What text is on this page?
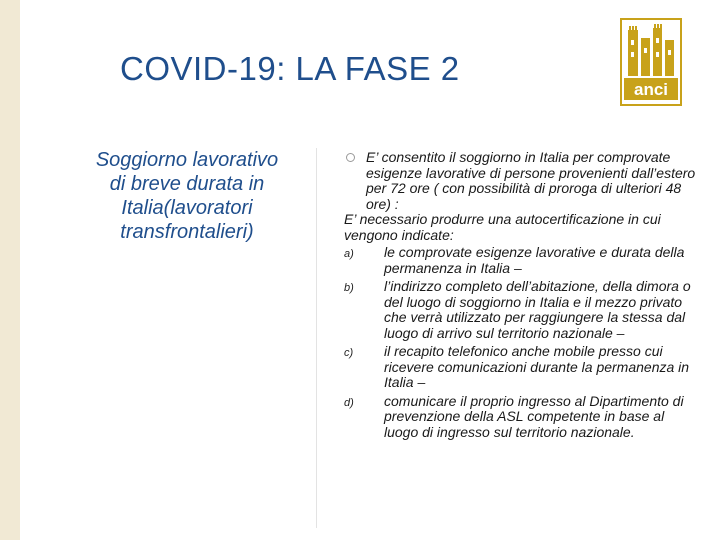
COVID-19: LA FASE 2
anci
Soggiorno lavorativo
di breve durata in
Italia(lavoratori
transfrontalieri)

E’ consentito il soggiorno in Italia per comprovate esigenze lavorative di persone provenienti dall’estero per 72 ore ( con possibilità di proroga di ulteriori 48 ore) :

E’ necessario produrre una autocertificazione in cui vengono indicate:
a) le comprovate esigenze lavorative e durata della permanenza in Italia –
b) l’indirizzo completo dell’abitazione, della dimora o del luogo di soggiorno in Italia e il mezzo privato che verrà utilizzato per raggiungere la stessa dal luogo di arrivo sul territorio nazionale –
c) il recapito telefonico anche mobile presso cui ricevere comunicazioni durante la permanenza in Italia –
d) comunicare il proprio ingresso al Dipartimento di prevenzione della ASL competente in base al luogo di ingresso sul territorio nazionale.
